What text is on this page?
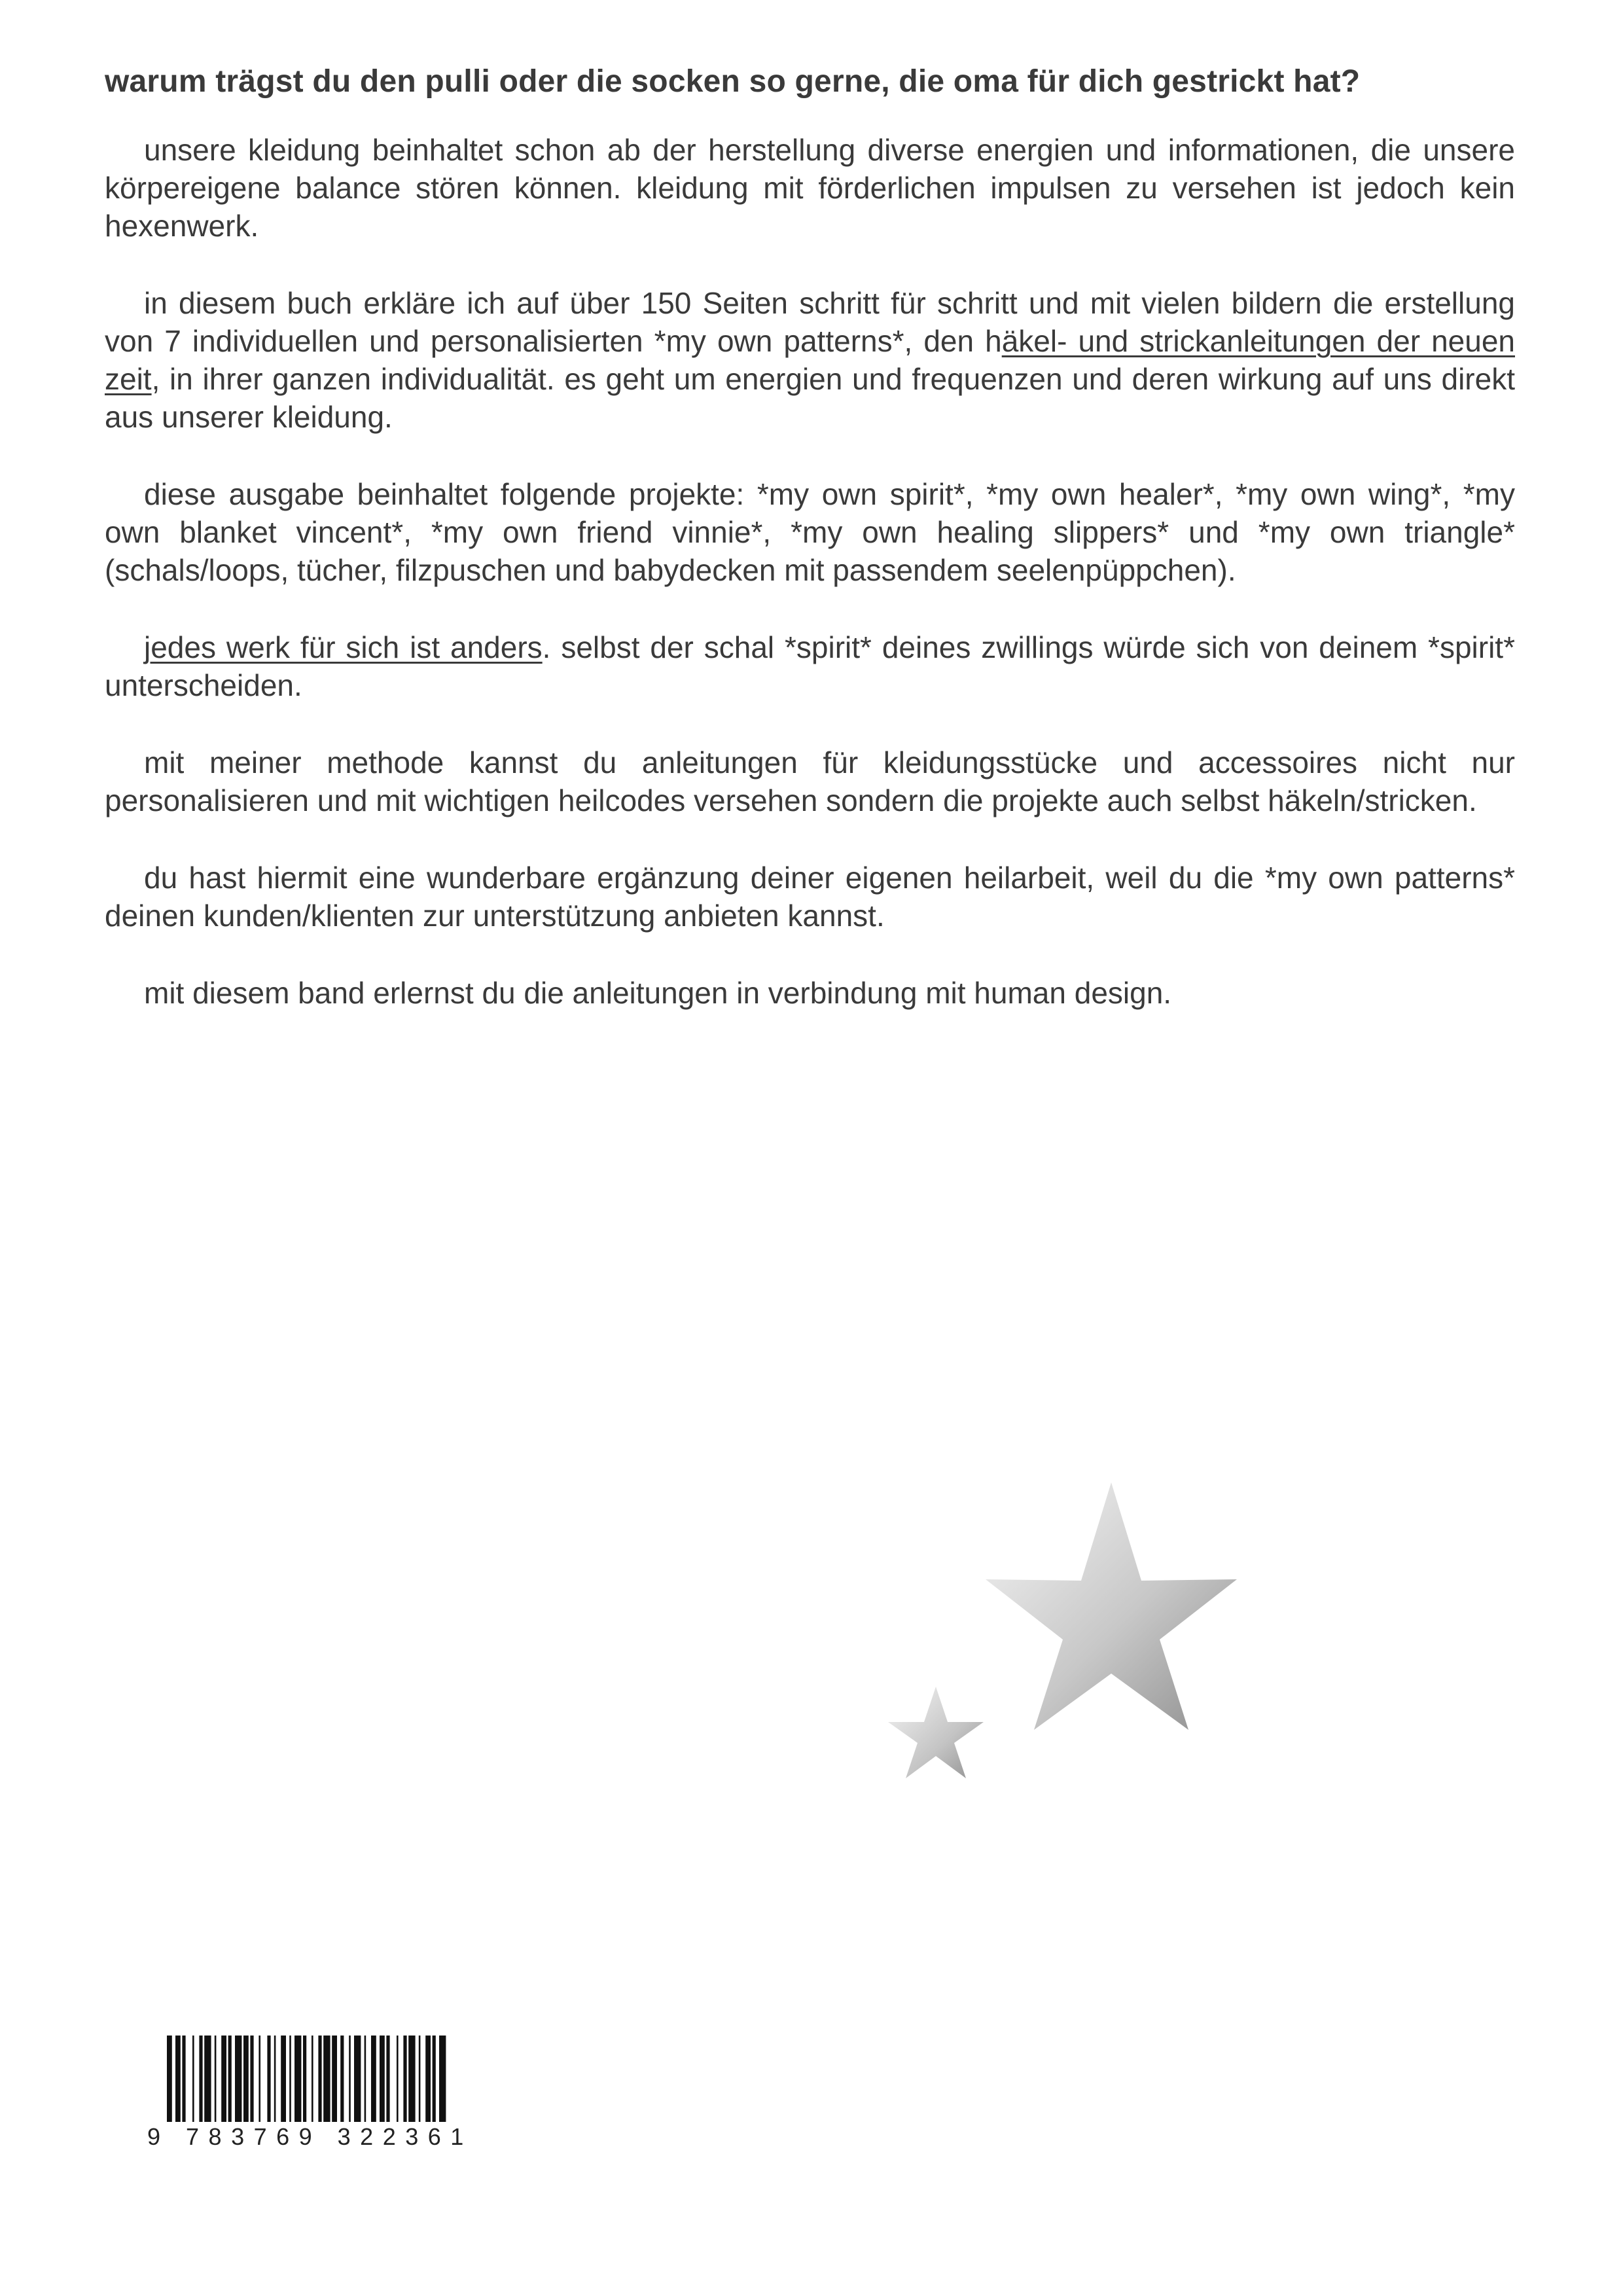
warum trägst du den pulli oder die socken so gerne, die oma für dich gestrickt hat?

unsere kleidung beinhaltet schon ab der herstellung diverse energien und informationen, die unsere körpereigene balance stören können. kleidung mit förderlichen impulsen zu versehen ist jedoch kein hexenwerk.

in diesem buch erkläre ich auf über 150 Seiten schritt für schritt und mit vielen bildern die erstellung von 7 individuellen und personalisierten *my own patterns*, den häkel- und strickanleitungen der neuen zeit, in ihrer ganzen individualität. es geht um energien und frequenzen und deren wirkung auf uns direkt aus unserer kleidung.

diese ausgabe beinhaltet folgende projekte: *my own spirit*, *my own healer*, *my own wing*, *my own blanket vincent*, *my own friend vinnie*, *my own healing slippers* und *my own triangle* (schals/loops, tücher, filzpuschen und babydecken mit passendem seelenpüppchen).

jedes werk für sich ist anders. selbst der schal *spirit* deines zwillings würde sich von deinem *spirit* unterscheiden.

mit meiner methode kannst du anleitungen für kleidungsstücke und accessoires nicht nur personalisieren und mit wichtigen heilcodes versehen sondern die projekte auch selbst häkeln/stricken.

du hast hiermit eine wunderbare ergänzung deiner eigenen heilarbeit, weil du die *my own patterns* deinen kunden/klienten zur unterstützung anbieten kannst.

mit diesem band erlernst du die anleitungen in verbindung mit human design.

9 783769 322361
